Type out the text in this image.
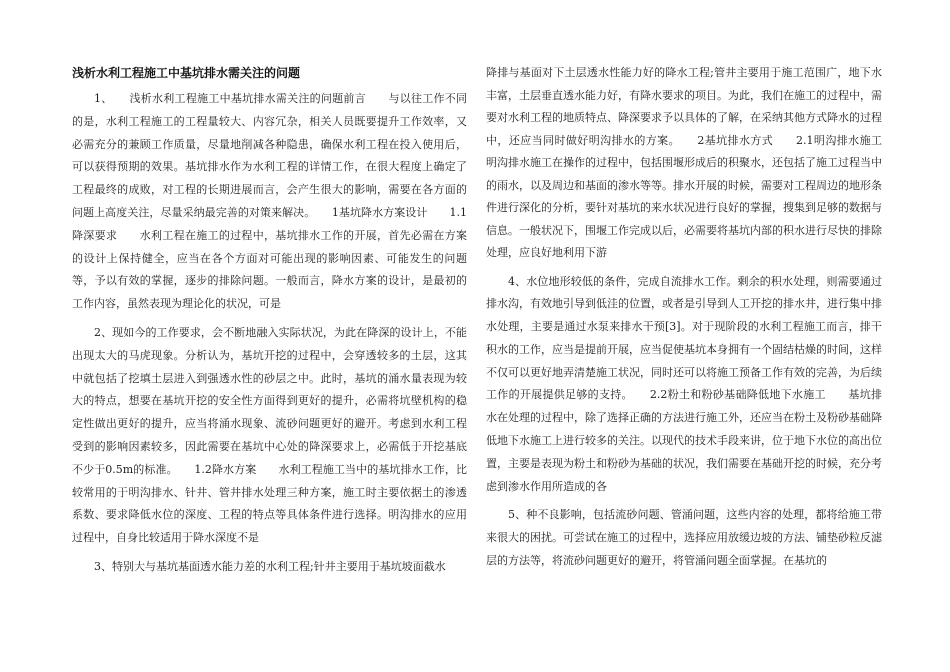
浅析水利工程施工中基坑排水需关注的问题

1、　　浅析水利工程施工中基坑排水需关注的问题前言　　与以往工作不同的是，水利工程施工的工程量较大、内容冗杂，相关人员既要提升工作效率，又必需充分的兼顾工作质量，尽量地削减各种隐患，确保水利工程在投入使用后，可以获得预期的效果。基坑排水作为水利工程的详情工作，在很大程度上确定了工程最终的成败，对工程的长期进展而言，会产生很大的影响，需要在各方面的问题上高度关注，尽量采纳最完善的对策来解决。　　1基坑降水方案设计　　1.1降深要求　　水利工程在施工的过程中，基坑排水工作的开展，首先必需在方案的设计上保持健全，应当在各个方面对可能出现的影响因素、可能发生的问题等，予以有效的掌握，逐步的排除问题。一般而言，降水方案的设计，是最初的工作内容，虽然表现为理论化的状况，可是

2、现如今的工作要求，会不断地融入实际状况，为此在降深的设计上，不能出现太大的马虎现象。分析认为，基坑开挖的过程中，会穿透较多的土层，这其中就包括了挖填土层进入到强透水性的砂层之中。此时，基坑的涌水量表现为较大的特点，想要在基坑开挖的安全性方面得到更好的提升，必需将坑壁机构的稳定性做出更好的提升，应当将涌水现象、流砂问题更好的避开。考虑到水利工程受到的影响因素较多，因此需要在基坑中心处的降深要求上，必需低于开挖基底不少于0.5m的标准。　　1.2降水方案　　水利工程施工当中的基坑排水工作，比较常用的于明沟排水、针井、管井排水处理三种方案，施工时主要依据土的渗透系数、要求降低水位的深度、工程的特点等具体条件进行选择。明沟排水的应用过程中，自身比较适用于降水深度不是

3、特别大与基坑基面透水能力差的水利工程;针井主要用于基坑坡面截水

降排与基面对下土层透水性能力好的降水工程;管井主要用于施工范围广，地下水丰富，土层垂直透水能力好，有降水要求的项目。为此，我们在施工的过程中，需要对水利工程的地质特点、降深要求予以具体的了解，在采纳其他方式降水的过程中，还应当同时做好明沟排水的方案。　　2基坑排水方式　　2.1明沟排水施工　　明沟排水施工在操作的过程中，包括围堰形成后的积聚水，还包括了施工过程当中的雨水，以及周边和基面的渗水等等。排水开展的时候，需要对工程周边的地形条件进行深化的分析，要针对基坑的来水状况进行良好的掌握，搜集到足够的数据与信息。一般状况下，围堰工作完成以后，必需要将基坑内部的积水进行尽快的排除处理，应良好地利用下游

4、水位地形较低的条件，完成自流排水工作。剩余的积水处理，则需要通过排水沟，有效地引导到低洼的位置，或者是引导到人工开挖的排水井，进行集中排水处理，主要是通过水泵来排水干预[3]。对于现阶段的水利工程施工而言，排干积水的工作，应当是提前开展，应当促使基坑本身拥有一个固结枯燥的时间，这样不仅可以更好地弄清楚施工状况，同时还可以将施工预备工作有效的完善，为后续工作的开展提供足够的支持。　　2.2粉土和粉砂基础降低地下水施工　　基坑排水在处理的过程中，除了选择正确的方法进行施工外，还应当在粉土及粉砂基础降低地下水施工上进行较多的关注。以现代的技术手段来讲，位于地下水位的高出位置，主要是表现为粉土和粉砂为基础的状况，我们需要在基础开挖的时候，充分考虑到渗水作用所造成的各

5、种不良影响，包括流砂问题、管涌问题，这些内容的处理，都将给施工带来很大的困扰。可尝试在施工的过程中，选择应用放缓边坡的方法、铺垫砂粒反滤层的方法等，将流砂问题更好的避开，将管涌问题全面掌握。在基坑的
